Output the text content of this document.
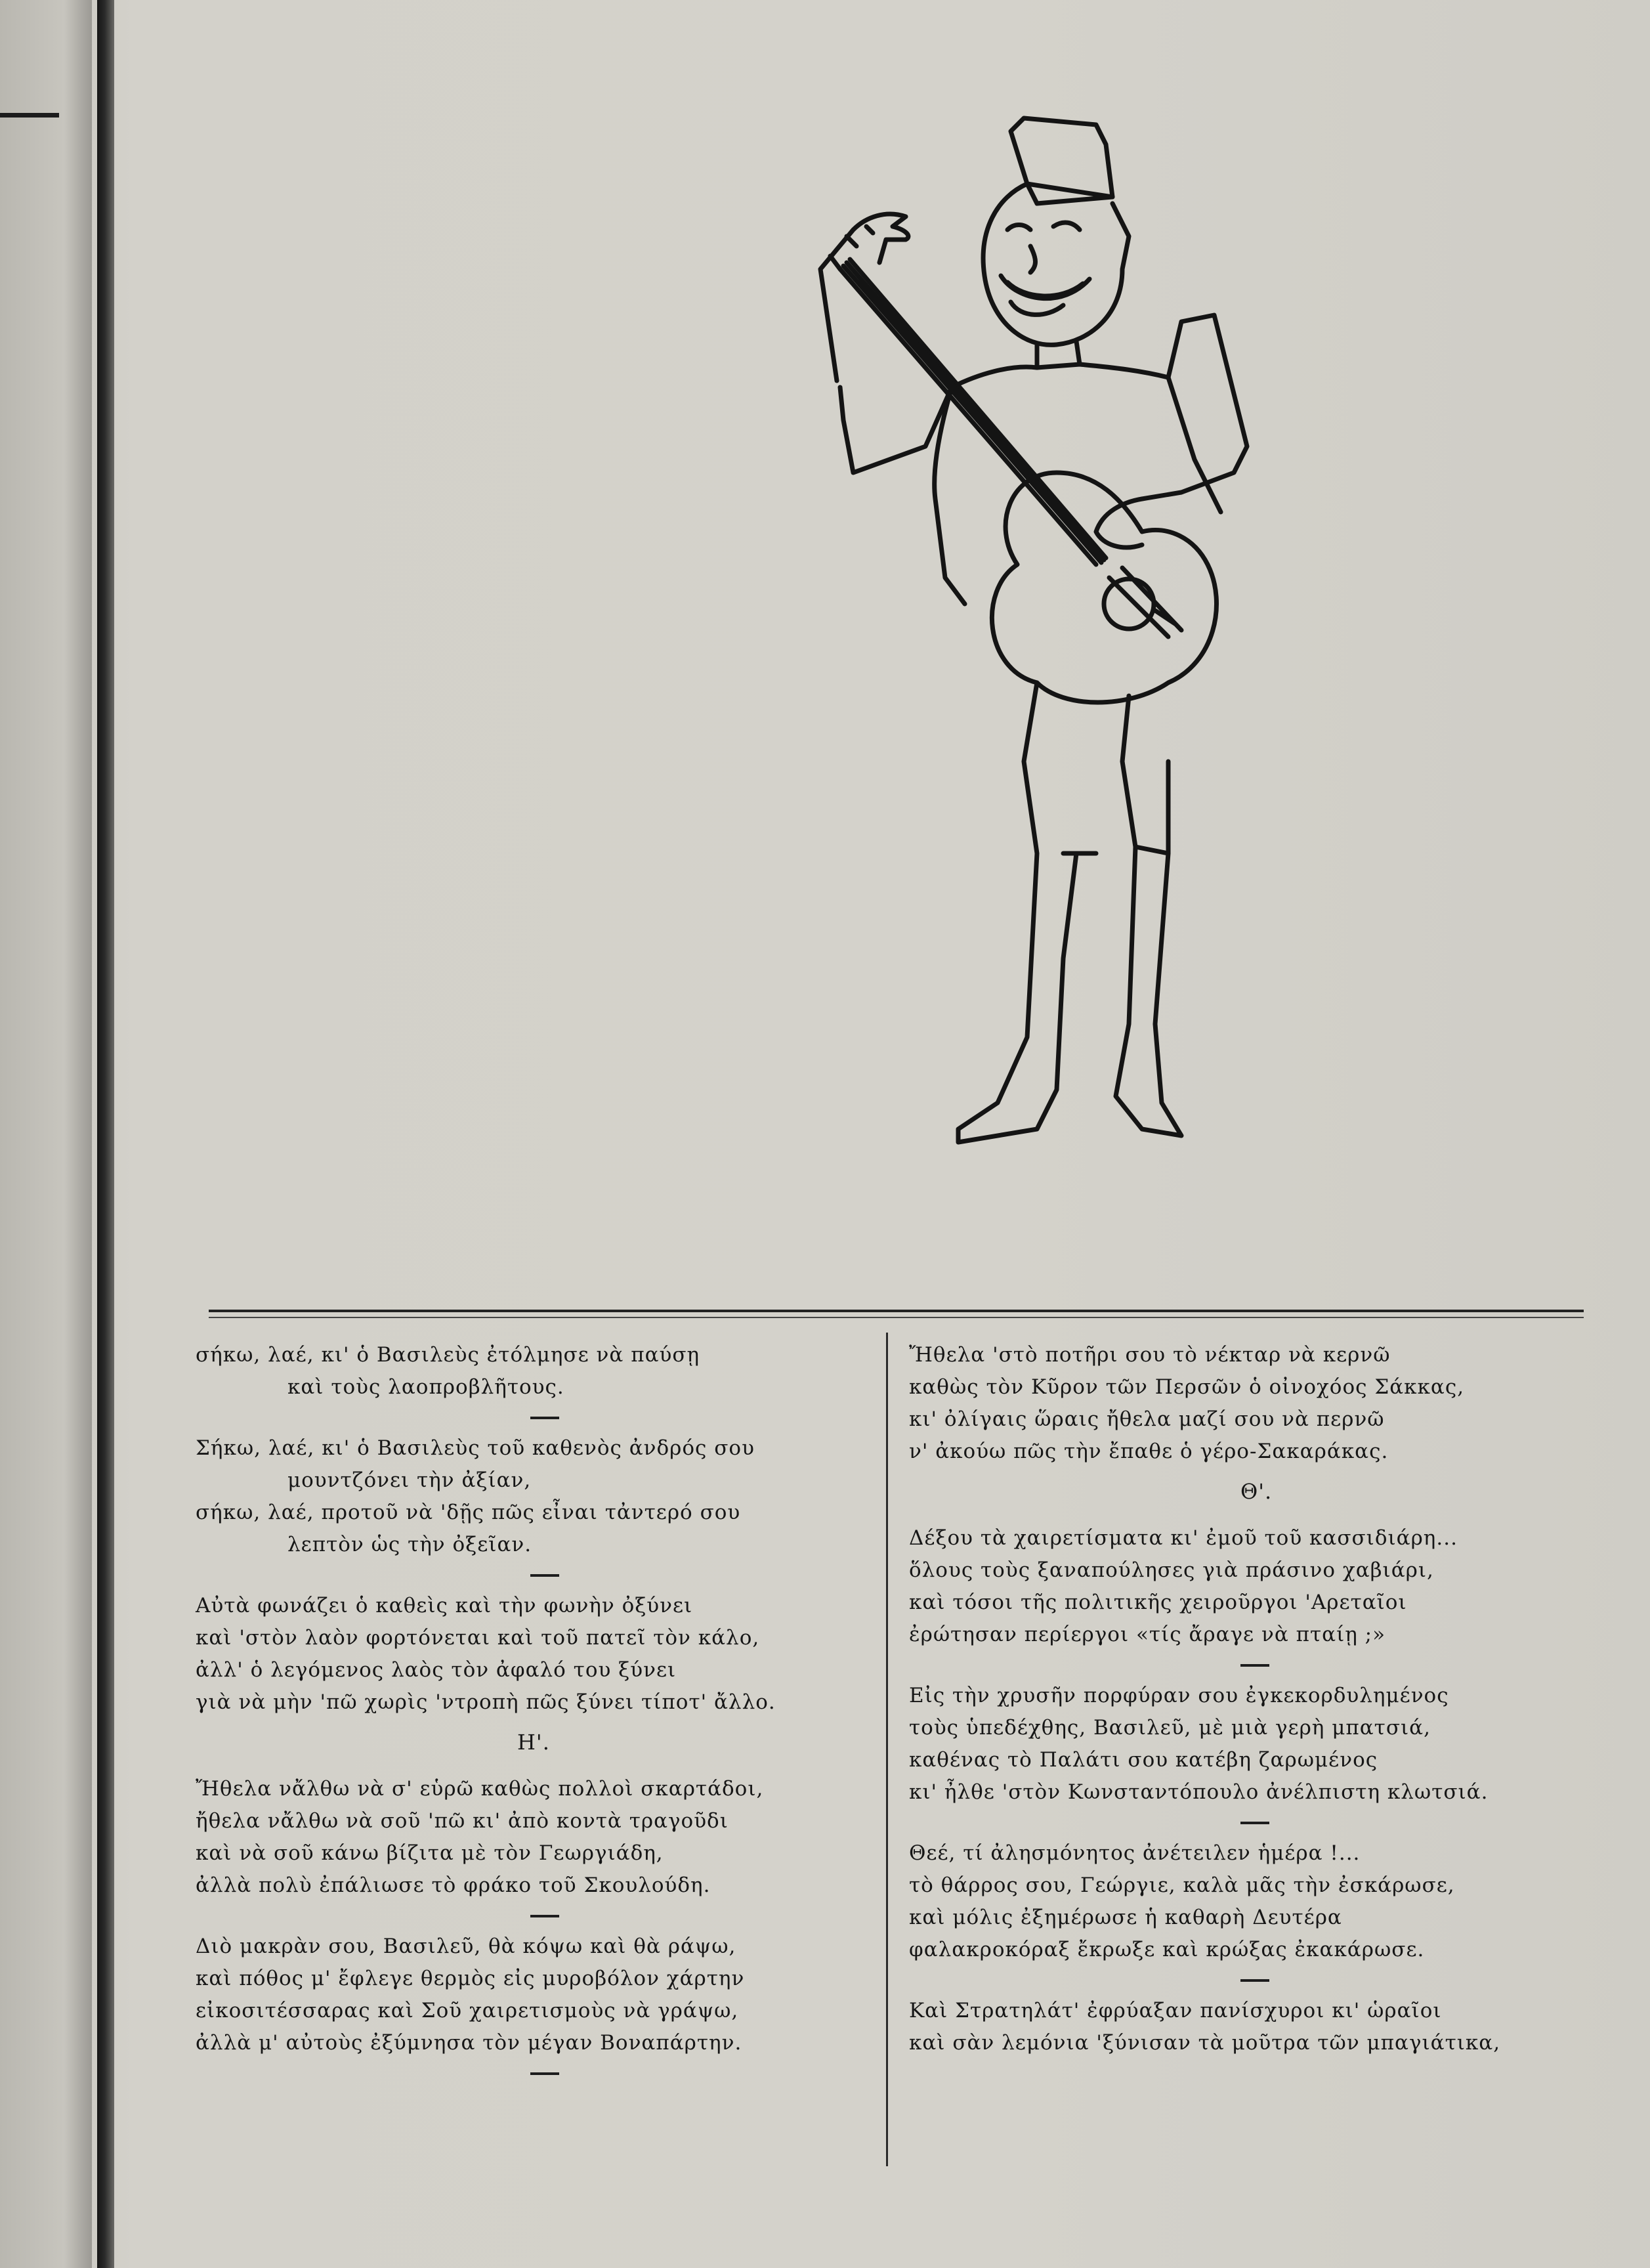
σήκω, λαέ, κι' ὁ Βασιλεὺς ἐτόλμησε νὰ παύσῃ
καὶ τοὺς λαοπροβλῆτους.
Σήκω, λαέ, κι' ὁ Βασιλεὺς τοῦ καθενὸς ἀνδρός σου
μουντζόνει τὴν ἀξίαν,
σήκω, λαέ, προτοῦ νὰ 'δῇς πῶς εἶναι τἀντερό σου
λεπτὸν ὡς τὴν ὀξεῖαν.
Αὐτὰ φωνάζει ὁ καθεὶς καὶ τὴν φωνὴν ὀξύνει
καὶ 'στὸν λαὸν φορτόνεται καὶ τοῦ πατεῖ τὸν κάλο,
ἀλλ' ὁ λεγόμενος λαὸς τὸν ἀφαλό του ξύνει
γιὰ νὰ μὴν 'πῶ χωρὶς 'ντροπὴ πῶς ξύνει τίποτ' ἄλλο.
Η'.
Ἤθελα νἄλθω νὰ σ' εὑρῶ καθὼς πολλοὶ σκαρτάδοι,
ἤθελα νἄλθω νὰ σοῦ 'πῶ κι' ἀπὸ κοντὰ τραγοῦδι
καὶ νὰ σοῦ κάνω βίζιτα μὲ τὸν Γεωργιάδη,
ἀλλὰ πολὺ ἐπάλιωσε τὸ φράκο τοῦ Σκουλούδη.
Διὸ μακρὰν σου, Βασιλεῦ, θὰ κόψω καὶ θὰ ράψω,
καὶ πόθος μ' ἔφλεγε θερμὸς εἰς μυροβόλον χάρτην
εἰκοσιτέσσαρας καὶ Σοῦ χαιρετισμοὺς νὰ γράψω,
ἀλλὰ μ' αὐτοὺς ἐξύμνησα τὸν μέγαν Βοναπάρτην.
Ἤθελα 'στὸ ποτῆρι σου τὸ νέκταρ νὰ κερνῶ
καθὼς τὸν Κῦρον τῶν Περσῶν ὁ οἰνοχόος Σάκκας,
κι' ὀλίγαις ὥραις ἤθελα μαζί σου νὰ περνῶ
ν' ἀκούω πῶς τὴν ἔπαθε ὁ γέρο-Σακαράκας.
Θ'.
Δέξου τὰ χαιρετίσματα κι' ἐμοῦ τοῦ κασσιδιάρη...
ὅλους τοὺς ξαναπούλησες γιὰ πράσινο χαβιάρι,
καὶ τόσοι τῆς πολιτικῆς χειροῦργοι 'Αρεταῖοι
ἐρώτησαν περίεργοι «τίς ἄραγε νὰ πταίῃ ;»
Εἰς τὴν χρυσῆν πορφύραν σου ἐγκεκορδυλημένος
τοὺς ὑπεδέχθης, Βασιλεῦ, μὲ μιὰ γερὴ μπατσιά,
καθένας τὸ Παλάτι σου κατέβη ζαρωμένος
κι' ἦλθε 'στὸν Κωνσταντόπουλο ἀνέλπιστη κλωτσιά.
Θεέ, τί ἀλησμόνητος ἀνέτειλεν ἡμέρα !...
τὸ θάρρος σου, Γεώργιε, καλὰ μᾶς τὴν ἐσκάρωσε,
καὶ μόλις ἐξημέρωσε ἡ καθαρὴ Δευτέρα
φαλακροκόραξ ἔκρωξε καὶ κρώξας ἐκακάρωσε.
Καὶ Στρατηλάτ' ἐφρύαξαν πανίσχυροι κι' ὡραῖοι
καὶ σὰν λεμόνια 'ξύνισαν τὰ μοῦτρα τῶν μπαγιάτικα,
